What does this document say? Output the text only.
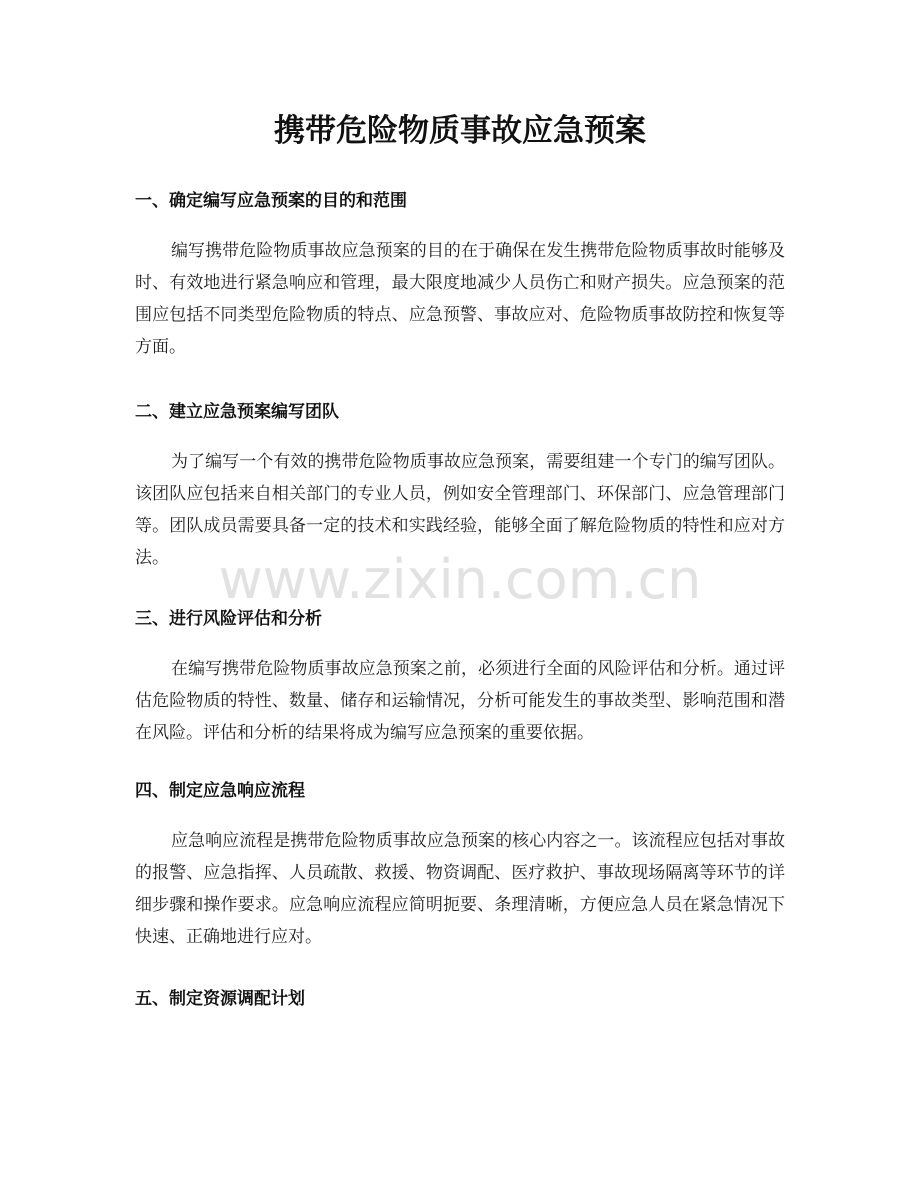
携带危险物质事故应急预案
一、确定编写应急预案的目的和范围

编写携带危险物质事故应急预案的目的在于确保在发生携带危险物质事故时能够及时、有效地进行紧急响应和管理，最大限度地减少人员伤亡和财产损失。应急预案的范围应包括不同类型危险物质的特点、应急预警、事故应对、危险物质事故防控和恢复等方面。

二、建立应急预案编写团队

为了编写一个有效的携带危险物质事故应急预案，需要组建一个专门的编写团队。该团队应包括来自相关部门的专业人员，例如安全管理部门、环保部门、应急管理部门等。团队成员需要具备一定的技术和实践经验，能够全面了解危险物质的特性和应对方法。

三、进行风险评估和分析

在编写携带危险物质事故应急预案之前，必须进行全面的风险评估和分析。通过评估危险物质的特性、数量、储存和运输情况，分析可能发生的事故类型、影响范围和潜在风险。评估和分析的结果将成为编写应急预案的重要依据。

四、制定应急响应流程

应急响应流程是携带危险物质事故应急预案的核心内容之一。该流程应包括对事故的报警、应急指挥、人员疏散、救援、物资调配、医疗救护、事故现场隔离等环节的详细步骤和操作要求。应急响应流程应简明扼要、条理清晰，方便应急人员在紧急情况下快速、正确地进行应对。

五、制定资源调配计划
www.zixin.com.cn
